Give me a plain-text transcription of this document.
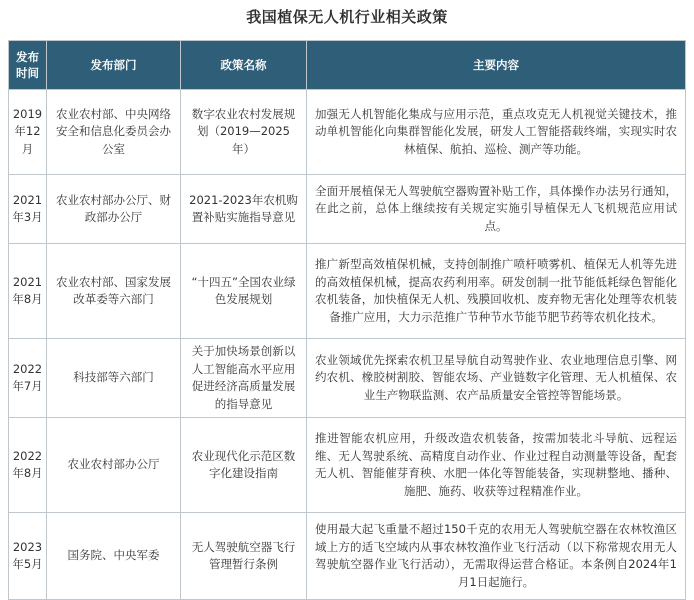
我国植保无人机行业相关政策
发布时间	发布部门	政策名称	主要内容
2019年12月	农业农村部、中央网络安全和信息化委员会办公室	数字农业农村发展规划（2019—2025年）	加强无人机智能化集成与应用示范，重点攻克无人机视觉关键技术，推动单机智能化向集群智能化发展，研发人工智能搭载终端，实现实时农林植保、航拍、巡检、测产等功能。
2021年3月	农业农村部办公厅、财政部办公厅	2021-2023年农机购置补贴实施指导意见	全面开展植保无人驾驶航空器购置补贴工作，具体操作办法另行通知，在此之前，总体上继续按有关规定实施引导植保无人飞机规范应用试点。
2021年8月	农业农村部、国家发展改革委等六部门	“十四五”全国农业绿色发展规划	推广新型高效植保机械，支持创制推广喷杆喷雾机、植保无人机等先进的高效植保机械，提高农药利用率。研发创制一批节能低耗绿色智能化农机装备，加快植保无人机、残膜回收机、废弃物无害化处理等农机装备推广应用，大力示范推广节种节水节能节肥节药等农机化技术。
2022年7月	科技部等六部门	关于加快场景创新以人工智能高水平应用促进经济高质量发展的指导意见	农业领域优先探索农机卫星导航自动驾驶作业、农业地理信息引擎、网约农机、橡胶树割胶、智能农场、产业链数字化管理、无人机植保、农业生产物联监测、农产品质量安全管控等智能场景。
2022年8月	农业农村部办公厅	农业现代化示范区数字化建设指南	推进智能农机应用，升级改造农机装备，按需加装北斗导航、远程运维、无人驾驶系统、高精度自动作业、作业过程自动测量等设备，配套无人机、智能催芽育秧、水肥一体化等智能装备，实现耕整地、播种、施肥、施药、收获等过程精准作业。
2023年5月	国务院、中央军委	无人驾驶航空器飞行管理暂行条例	使用最大起飞重量不超过150千克的农用无人驾驶航空器在农林牧渔区域上方的适飞空域内从事农林牧渔作业飞行活动（以下称常规农用无人驾驶航空器作业飞行活动），无需取得运营合格证。本条例自2024年1月1日起施行。
